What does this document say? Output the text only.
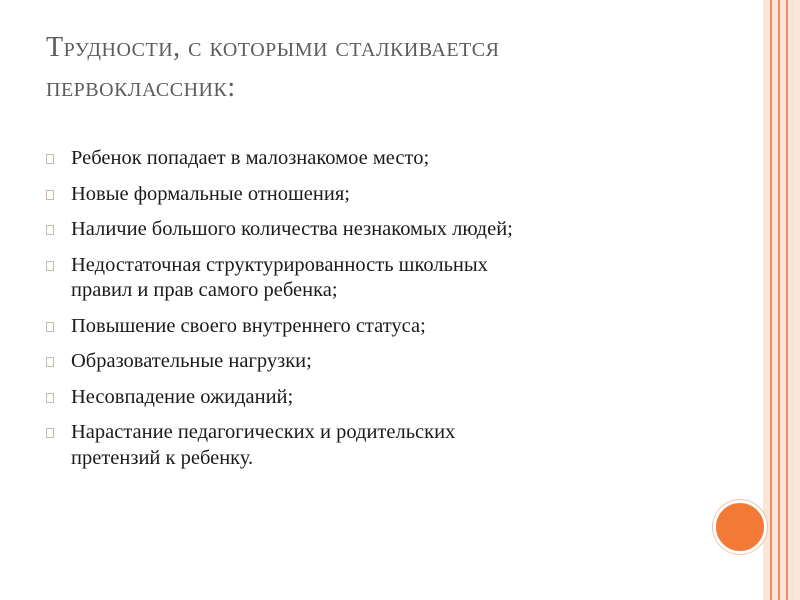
Трудности, с которыми сталкивается
первоклассник:
Ребенок попадает в малознакомое место;
Новые формальные отношения;
Наличие большого количества незнакомых людей;
Недостаточная структурированность школьных
правил и прав самого ребенка;
Повышение своего внутреннего статуса;
Образовательные нагрузки;
Несовпадение ожиданий;
Нарастание педагогических и родительских
претензий к ребенку.
